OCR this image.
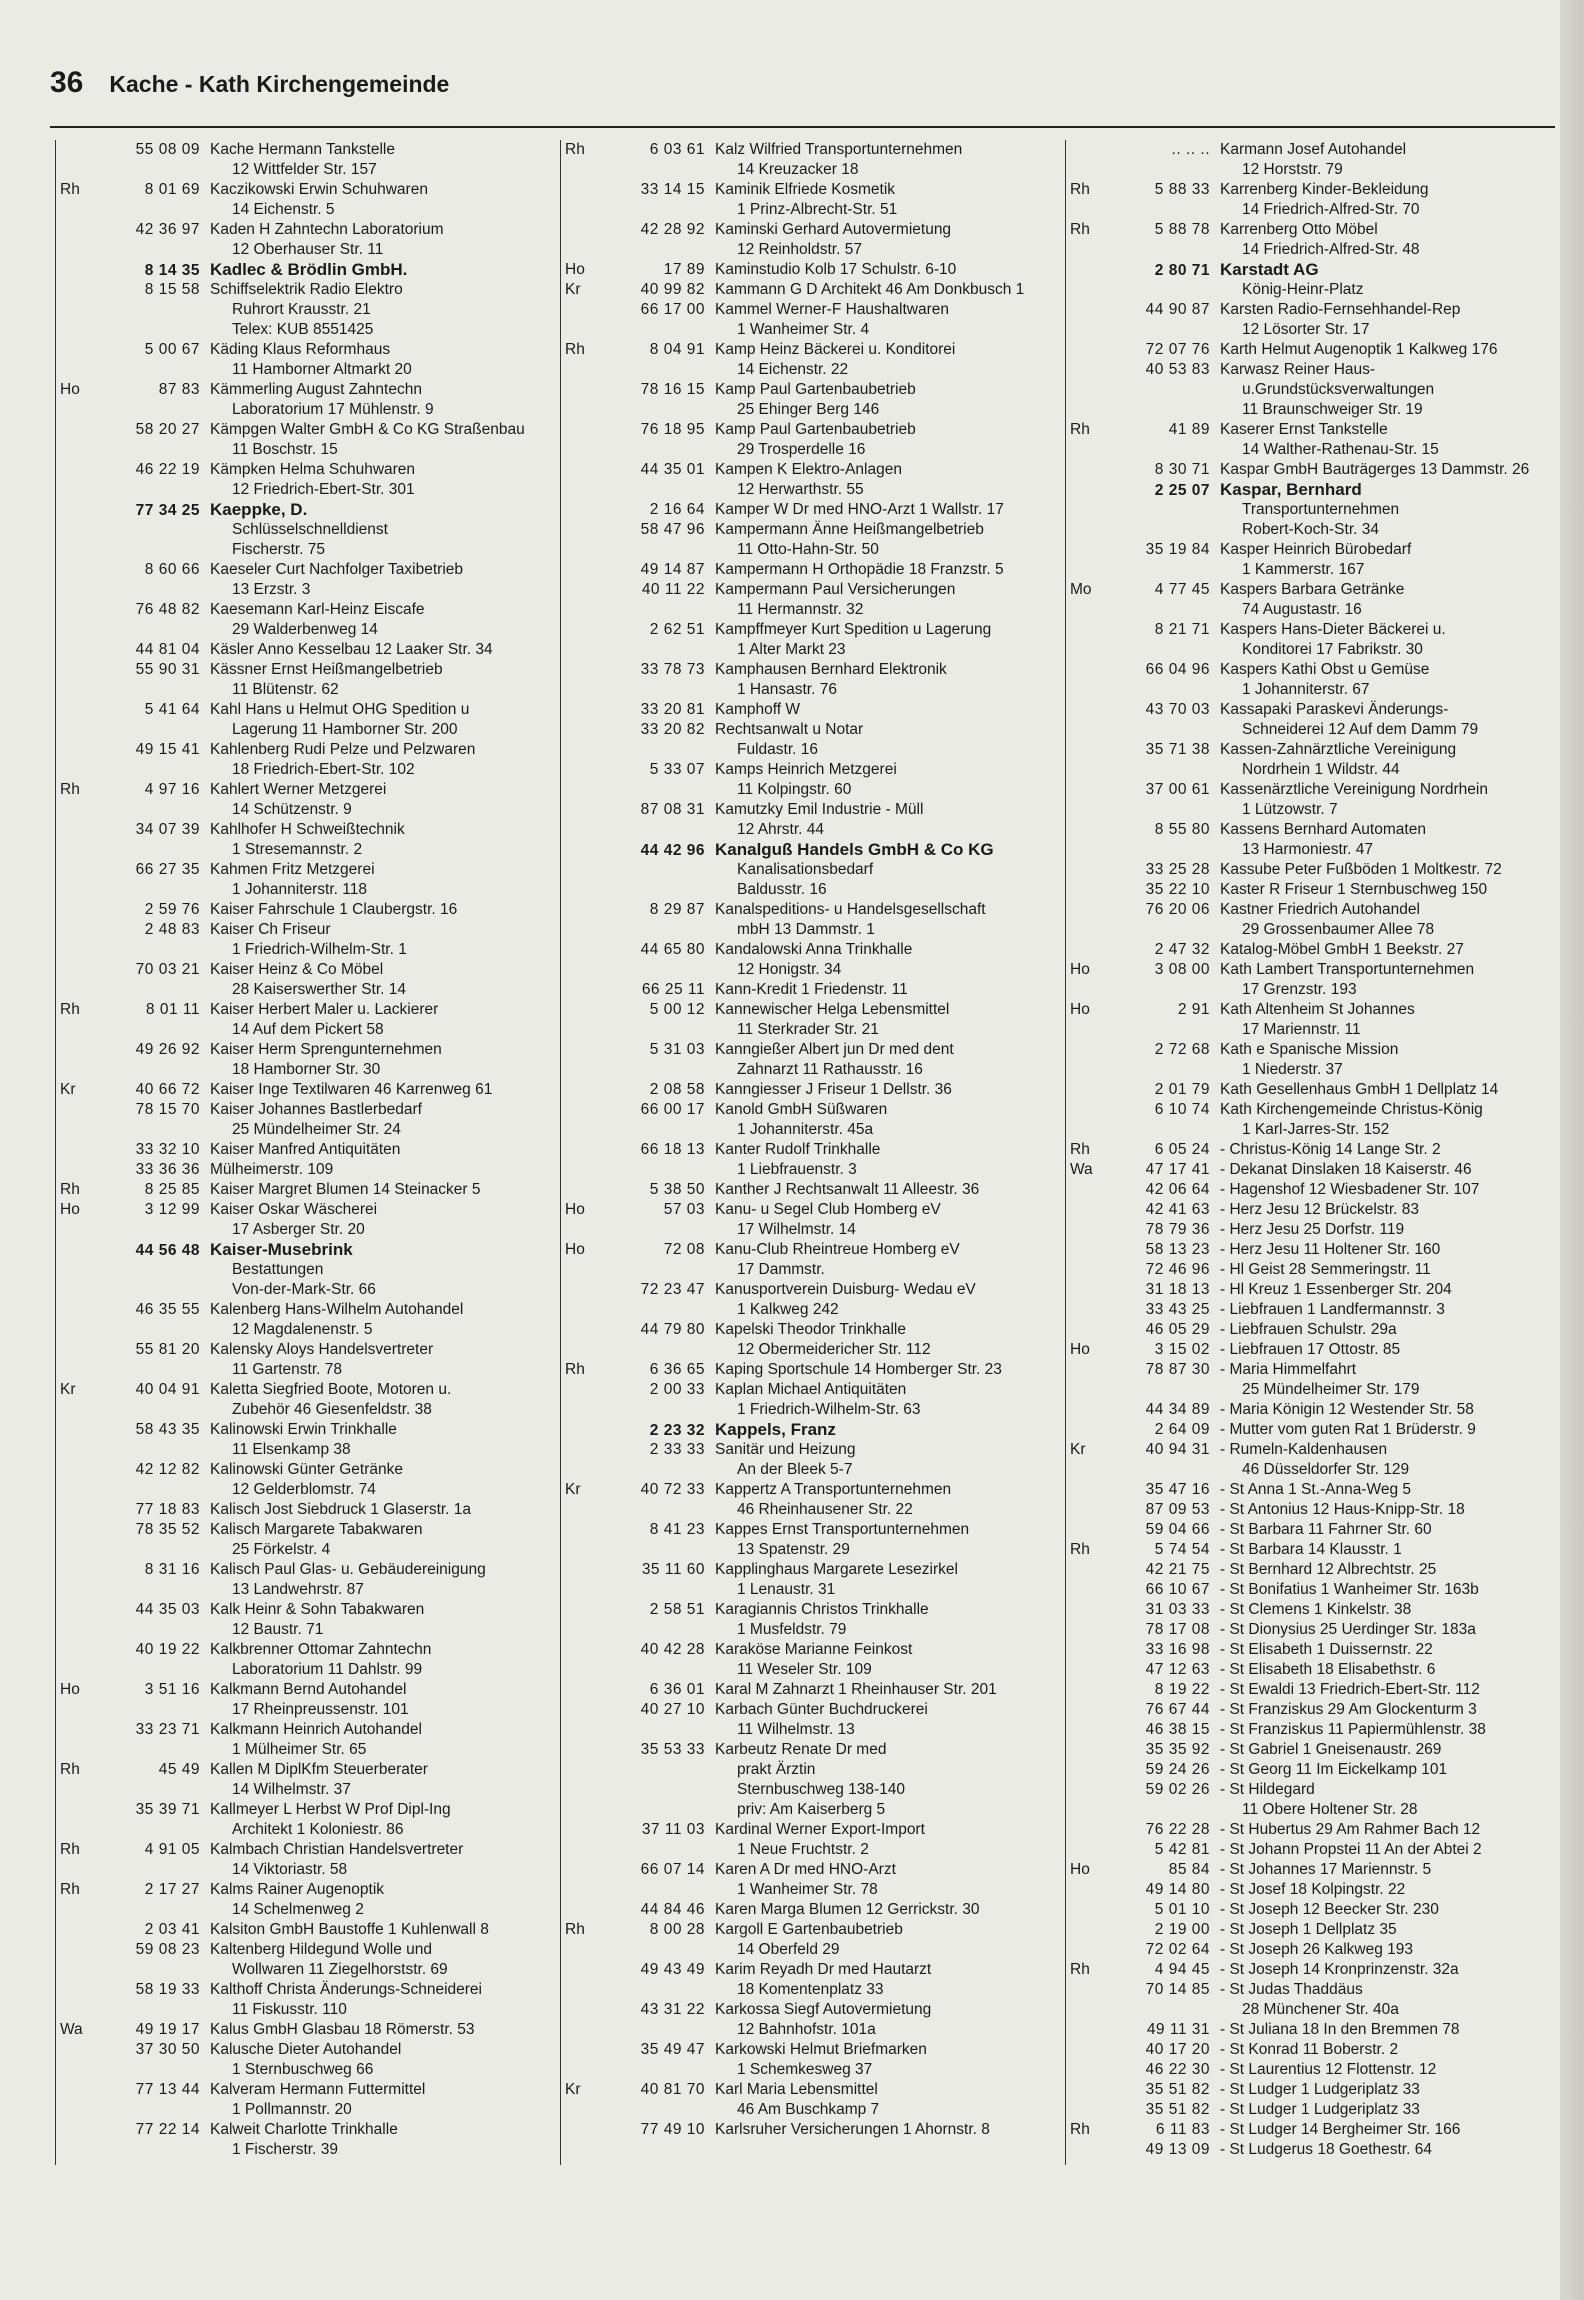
36 Kache - Kath Kirchengemeinde
55 08 09 Kache Hermann Tankstelle
12 Wittfelder Str. 157
Rh	8 01 69 Kaczikowski Erwin Schuhwaren
14 Eichenstr. 5
42 36 97 Kaden H Zahntechn Laboratorium
12 Oberhauser Str. 11
8 14 35 Kadlec & Brödlin GmbH.
8 15 58 Schiffselektrik Radio Elektro
Ruhrort Krausstr. 21
Telex: KUB 8551425
5 00 67 Käding Klaus Reformhaus
11 Hamborner Altmarkt 20
Ho	87 83 Kämmerling August Zahntechn
Laboratorium 17 Mühlenstr. 9
58 20 27 Kämpgen Walter GmbH & Co KG Straßenbau
11 Boschstr. 15
46 22 19 Kämpken Helma Schuhwaren
12 Friedrich-Ebert-Str. 301
77 34 25 Kaeppke, D.
Schlüsselschnelldienst
Fischerstr. 75
8 60 66 Kaeseler Curt Nachfolger Taxibetrieb
13 Erzstr. 3
76 48 82 Kaesemann Karl-Heinz Eiscafe
29 Walderbenweg 14
44 81 04 Käsler Anno Kesselbau 12 Laaker Str. 34
55 90 31 Kässner Ernst Heißmangelbetrieb
11 Blütenstr. 62
5 41 64 Kahl Hans u Helmut OHG Spedition u
Lagerung 11 Hamborner Str. 200
49 15 41 Kahlenberg Rudi Pelze und Pelzwaren
18 Friedrich-Ebert-Str. 102
Rh	4 97 16 Kahlert Werner Metzgerei
14 Schützenstr. 9
34 07 39 Kahlhofer H Schweißtechnik
1 Stresemannstr. 2
66 27 35 Kahmen Fritz Metzgerei
1 Johanniterstr. 118
2 59 76 Kaiser Fahrschule 1 Claubergstr. 16
2 48 83 Kaiser Ch Friseur
1 Friedrich-Wilhelm-Str. 1
70 03 21 Kaiser Heinz & Co Möbel
28 Kaiserswerther Str. 14
Rh	8 01 11 Kaiser Herbert Maler u. Lackierer
14 Auf dem Pickert 58
49 26 92 Kaiser Herm Sprengunternehmen
18 Hamborner Str. 30
Kr	40 66 72 Kaiser Inge Textilwaren 46 Karrenweg 61
78 15 70 Kaiser Johannes Bastlerbedarf
25 Mündelheimer Str. 24
33 32 10 Kaiser Manfred Antiquitäten
33 36 36 Mülheimerstr. 109
Rh	8 25 85 Kaiser Margret Blumen 14 Steinacker 5
Ho	3 12 99 Kaiser Oskar Wäscherei
17 Asberger Str. 20
44 56 48 Kaiser-Musebrink
Bestattungen
Von-der-Mark-Str. 66
46 35 55 Kalenberg Hans-Wilhelm Autohandel
12 Magdalenenstr. 5
55 81 20 Kalensky Aloys Handelsvertreter
11 Gartenstr. 78
Kr	40 04 91 Kaletta Siegfried Boote, Motoren u.
Zubehör 46 Giesenfeldstr. 38
58 43 35 Kalinowski Erwin Trinkhalle
11 Elsenkamp 38
42 12 82 Kalinowski Günter Getränke
12 Gelderblomstr. 74
77 18 83 Kalisch Jost Siebdruck 1 Glaserstr. 1a
78 35 52 Kalisch Margarete Tabakwaren
25 Förkelstr. 4
8 31 16 Kalisch Paul Glas- u. Gebäudereinigung
13 Landwehrstr. 87
44 35 03 Kalk Heinr & Sohn Tabakwaren
12 Baustr. 71
40 19 22 Kalkbrenner Ottomar Zahntechn
Laboratorium 11 Dahlstr. 99
Ho	3 51 16 Kalkmann Bernd Autohandel
17 Rheinpreussenstr. 101
33 23 71 Kalkmann Heinrich Autohandel
1 Mülheimer Str. 65
Rh	45 49 Kallen M DiplKfm Steuerberater
14 Wilhelmstr. 37
35 39 71 Kallmeyer L Herbst W Prof Dipl-Ing
Architekt 1 Koloniestr. 86
Rh	4 91 05 Kalmbach Christian Handelsvertreter
14 Viktoriastr. 58
Rh	2 17 27 Kalms Rainer Augenoptik
14 Schelmenweg 2
2 03 41 Kalsiton GmbH Baustoffe 1 Kuhlenwall 8
59 08 23 Kaltenberg Hildegund Wolle und
Wollwaren 11 Ziegelhorststr. 69
58 19 33 Kalthoff Christa Änderungs-Schneiderei
11 Fiskusstr. 110
Wa	49 19 17 Kalus GmbH Glasbau 18 Römerstr. 53
37 30 50 Kalusche Dieter Autohandel
1 Sternbuschweg 66
77 13 44 Kalveram Hermann Futtermittel
1 Pollmannstr. 20
77 22 14 Kalweit Charlotte Trinkhalle
1 Fischerstr. 39
Rh	6 03 61 Kalz Wilfried Transportunternehmen
14 Kreuzacker 18
33 14 15 Kaminik Elfriede Kosmetik
1 Prinz-Albrecht-Str. 51
42 28 92 Kaminski Gerhard Autovermietung
12 Reinholdstr. 57
Ho	17 89 Kaminstudio Kolb 17 Schulstr. 6-10
Kr	40 99 82 Kammann G D Architekt 46 Am Donkbusch 1
66 17 00 Kammel Werner-F Haushaltwaren
1 Wanheimer Str. 4
Rh	8 04 91 Kamp Heinz Bäckerei u. Konditorei
14 Eichenstr. 22
78 16 15 Kamp Paul Gartenbaubetrieb
25 Ehinger Berg 146
76 18 95 Kamp Paul Gartenbaubetrieb
29 Trosperdelle 16
44 35 01 Kampen K Elektro-Anlagen
12 Herwarthstr. 55
2 16 64 Kamper W Dr med HNO-Arzt 1 Wallstr. 17
58 47 96 Kampermann Änne Heißmangelbetrieb
11 Otto-Hahn-Str. 50
49 14 87 Kampermann H Orthopädie 18 Franzstr. 5
40 11 22 Kampermann Paul Versicherungen
11 Hermannstr. 32
2 62 51 Kampffmeyer Kurt Spedition u Lagerung
1 Alter Markt 23
33 78 73 Kamphausen Bernhard Elektronik
1 Hansastr. 76
33 20 81 Kamphoff W
33 20 82 Rechtsanwalt u Notar
Fuldastr. 16
5 33 07 Kamps Heinrich Metzgerei
11 Kolpingstr. 60
87 08 31 Kamutzky Emil Industrie - Müll
12 Ahrstr. 44
44 42 96 Kanalguß Handels GmbH & Co KG
Kanalisationsbedarf
Baldusstr. 16
8 29 87 Kanalspeditions- u Handelsgesellschaft
mbH 13 Dammstr. 1
44 65 80 Kandalowski Anna Trinkhalle
12 Honigstr. 34
66 25 11 Kann-Kredit 1 Friedenstr. 11
5 00 12 Kannewischer Helga Lebensmittel
11 Sterkrader Str. 21
5 31 03 Kanngießer Albert jun Dr med dent
Zahnarzt 11 Rathausstr. 16
2 08 58 Kanngiesser J Friseur 1 Dellstr. 36
66 00 17 Kanold GmbH Süßwaren
1 Johanniterstr. 45a
66 18 13 Kanter Rudolf Trinkhalle
1 Liebfrauenstr. 3
5 38 50 Kanther J Rechtsanwalt 11 Alleestr. 36
Ho	57 03 Kanu- u Segel Club Homberg eV
17 Wilhelmstr. 14
Ho	72 08 Kanu-Club Rheintreue Homberg eV
17 Dammstr.
72 23 47 Kanusportverein Duisburg- Wedau eV
1 Kalkweg 242
44 79 80 Kapelski Theodor Trinkhalle
12 Obermeidericher Str. 112
Rh	6 36 65 Kaping Sportschule 14 Homberger Str. 23
2 00 33 Kaplan Michael Antiquitäten
1 Friedrich-Wilhelm-Str. 63
2 23 32 Kappels, Franz
2 33 33 Sanitär und Heizung
An der Bleek 5-7
Kr	40 72 33 Kappertz A Transportunternehmen
46 Rheinhausener Str. 22
8 41 23 Kappes Ernst Transportunternehmen
13 Spatenstr. 29
35 11 60 Kapplinghaus Margarete Lesezirkel
1 Lenaustr. 31
2 58 51 Karagiannis Christos Trinkhalle
1 Musfeldstr. 79
40 42 28 Karaköse Marianne Feinkost
11 Weseler Str. 109
6 36 01 Karal M Zahnarzt 1 Rheinhauser Str. 201
40 27 10 Karbach Günter Buchdruckerei
11 Wilhelmstr. 13
35 53 33 Karbeutz Renate Dr med
prakt Ärztin
Sternbuschweg 138-140
priv: Am Kaiserberg 5
37 11 03 Kardinal Werner Export-Import
1 Neue Fruchtstr. 2
66 07 14 Karen A Dr med HNO-Arzt
1 Wanheimer Str. 78
44 84 46 Karen Marga Blumen 12 Gerrickstr. 30
Rh	8 00 28 Kargoll E Gartenbaubetrieb
14 Oberfeld 29
49 43 49 Karim Reyadh Dr med Hautarzt
18 Komentenplatz 33
43 31 22 Karkossa Siegf Autovermietung
12 Bahnhofstr. 101a
35 49 47 Karkowski Helmut Briefmarken
1 Schemkesweg 37
Kr	40 81 70 Karl Maria Lebensmittel
46 Am Buschkamp 7
77 49 10 Karlsruher Versicherungen 1 Ahornstr. 8
.. .. .. Karmann Josef Autohandel
12 Horststr. 79
Rh	5 88 33 Karrenberg Kinder-Bekleidung
14 Friedrich-Alfred-Str. 70
Rh	5 88 78 Karrenberg Otto Möbel
14 Friedrich-Alfred-Str. 48
2 80 71 Karstadt AG
König-Heinr-Platz
44 90 87 Karsten Radio-Fernsehhandel-Rep
12 Lösorter Str. 17
72 07 76 Karth Helmut Augenoptik 1 Kalkweg 176
40 53 83 Karwasz Reiner Haus-
u.Grundstücksverwaltungen
11 Braunschweiger Str. 19
Rh	41 89 Kaserer Ernst Tankstelle
14 Walther-Rathenau-Str. 15
8 30 71 Kaspar GmbH Bauträgerges 13 Dammstr. 26
2 25 07 Kaspar, Bernhard
Transportunternehmen
Robert-Koch-Str. 34
35 19 84 Kasper Heinrich Bürobedarf
1 Kammerstr. 167
Mo	4 77 45 Kaspers Barbara Getränke
74 Augustastr. 16
8 21 71 Kaspers Hans-Dieter Bäckerei u.
Konditorei 17 Fabrikstr. 30
66 04 96 Kaspers Kathi Obst u Gemüse
1 Johanniterstr. 67
43 70 03 Kassapaki Paraskevi Änderungs-
Schneiderei 12 Auf dem Damm 79
35 71 38 Kassen-Zahnärztliche Vereinigung
Nordrhein 1 Wildstr. 44
37 00 61 Kassenärztliche Vereinigung Nordrhein
1 Lützowstr. 7
8 55 80 Kassens Bernhard Automaten
13 Harmoniestr. 47
33 25 28 Kassube Peter Fußböden 1 Moltkestr. 72
35 22 10 Kaster R Friseur 1 Sternbuschweg 150
76 20 06 Kastner Friedrich Autohandel
29 Grossenbaumer Allee 78
2 47 32 Katalog-Möbel GmbH 1 Beekstr. 27
Ho	3 08 00 Kath Lambert Transportunternehmen
17 Grenzstr. 193
Ho	2 91 Kath Altenheim St Johannes
17 Mariennstr. 11
2 72 68 Kath e Spanische Mission
1 Niederstr. 37
2 01 79 Kath Gesellenhaus GmbH 1 Dellplatz 14
6 10 74 Kath Kirchengemeinde Christus-König
1 Karl-Jarres-Str. 152
Rh	6 05 24 - Christus-König 14 Lange Str. 2
Wa	47 17 41 - Dekanat Dinslaken 18 Kaiserstr. 46
42 06 64 - Hagenshof 12 Wiesbadener Str. 107
42 41 63 - Herz Jesu 12 Brückelstr. 83
78 79 36 - Herz Jesu 25 Dorfstr. 119
58 13 23 - Herz Jesu 11 Holtener Str. 160
72 46 96 - Hl Geist 28 Semmeringstr. 11
31 18 13 - Hl Kreuz 1 Essenberger Str. 204
33 43 25 - Liebfrauen 1 Landfermannstr. 3
46 05 29 - Liebfrauen Schulstr. 29a
Ho	3 15 02 - Liebfrauen 17 Ottostr. 85
78 87 30 - Maria Himmelfahrt
25 Mündelheimer Str. 179
44 34 89 - Maria Königin 12 Westender Str. 58
2 64 09 - Mutter vom guten Rat 1 Brüderstr. 9
Kr	40 94 31 - Rumeln-Kaldenhausen
46 Düsseldorfer Str. 129
35 47 16 - St Anna 1 St.-Anna-Weg 5
87 09 53 - St Antonius 12 Haus-Knipp-Str. 18
59 04 66 - St Barbara 11 Fahrner Str. 60
Rh	5 74 54 - St Barbara 14 Klausstr. 1
42 21 75 - St Bernhard 12 Albrechtstr. 25
66 10 67 - St Bonifatius 1 Wanheimer Str. 163b
31 03 33 - St Clemens 1 Kinkelstr. 38
78 17 08 - St Dionysius 25 Uerdinger Str. 183a
33 16 98 - St Elisabeth 1 Duissernstr. 22
47 12 63 - St Elisabeth 18 Elisabethstr. 6
8 19 22 - St Ewaldi 13 Friedrich-Ebert-Str. 112
76 67 44 - St Franziskus 29 Am Glockenturm 3
46 38 15 - St Franziskus 11 Papiermühlenstr. 38
35 35 92 - St Gabriel 1 Gneisenaustr. 269
59 24 26 - St Georg 11 Im Eickelkamp 101
59 02 26 - St Hildegard
11 Obere Holtener Str. 28
76 22 28 - St Hubertus 29 Am Rahmer Bach 12
5 42 81 - St Johann Propstei 11 An der Abtei 2
Ho	85 84 - St Johannes 17 Mariennstr. 5
49 14 80 - St Josef 18 Kolpingstr. 22
5 01 10 - St Joseph 12 Beecker Str. 230
2 19 00 - St Joseph 1 Dellplatz 35
72 02 64 - St Joseph 26 Kalkweg 193
Rh	4 94 45 - St Joseph 14 Kronprinzenstr. 32a
70 14 85 - St Judas Thaddäus
28 Münchener Str. 40a
49 11 31 - St Juliana 18 In den Bremmen 78
40 17 20 - St Konrad 11 Boberstr. 2
46 22 30 - St Laurentius 12 Flottenstr. 12
35 51 82 - St Ludger 1 Ludgeriplatz 33
35 51 82 - St Ludger 1 Ludgeriplatz 33
Rh	6 11 83 - St Ludger 14 Bergheimer Str. 166
49 13 09 - St Ludgerus 18 Goethestr. 64
